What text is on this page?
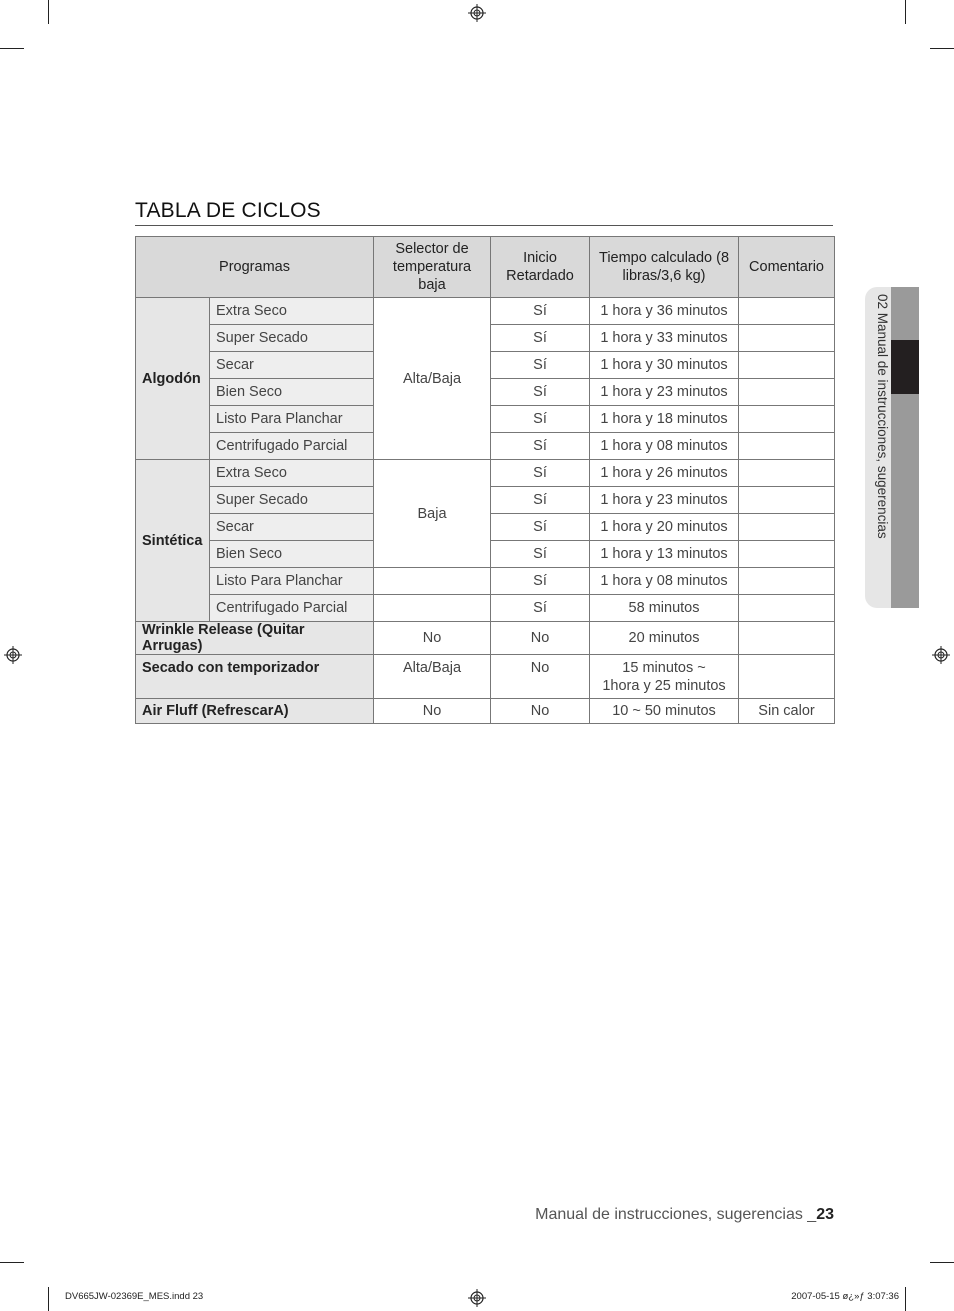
TABLA DE CICLOS
Programas		Selector de temperatura baja	Inicio Retardado	Tiempo calculado (8 libras/3,6 kg)	Comentario
Algodón	Extra Seco	Alta/Baja	Sí	1 hora y 36 minutos	
	Super Secado		Sí	1 hora y 33 minutos	
	Secar		Sí	1 hora y 30 minutos	
	Bien Seco		Sí	1 hora y 23 minutos	
	Listo Para Planchar		Sí	1 hora y 18 minutos	
	Centrifugado Parcial		Sí	1 hora y 08 minutos	
Sintética	Extra Seco	Baja	Sí	1 hora y 26 minutos	
	Super Secado		Sí	1 hora y 23 minutos	
	Secar		Sí	1 hora y 20 minutos	
	Bien Seco		Sí	1 hora y 13 minutos	
	Listo Para Planchar		Sí	1 hora y 08 minutos	
	Centrifugado Parcial		Sí	58 minutos	
Wrinkle Release (Quitar Arrugas)		No	No	20 minutos	
Secado con temporizador		Alta/Baja	No	15 minutos ~
1hora y 25 minutos	

Air Fluff (RefrescarA)		No	No	10 ~ 50 minutos	Sin calor
02 Manual de instrucciones, sugerencias
Manual de instrucciones, sugerencias _23
DV665JW-02369E_MES.indd 23	2007-05-15 ø¿»ƒ 3:07:36
